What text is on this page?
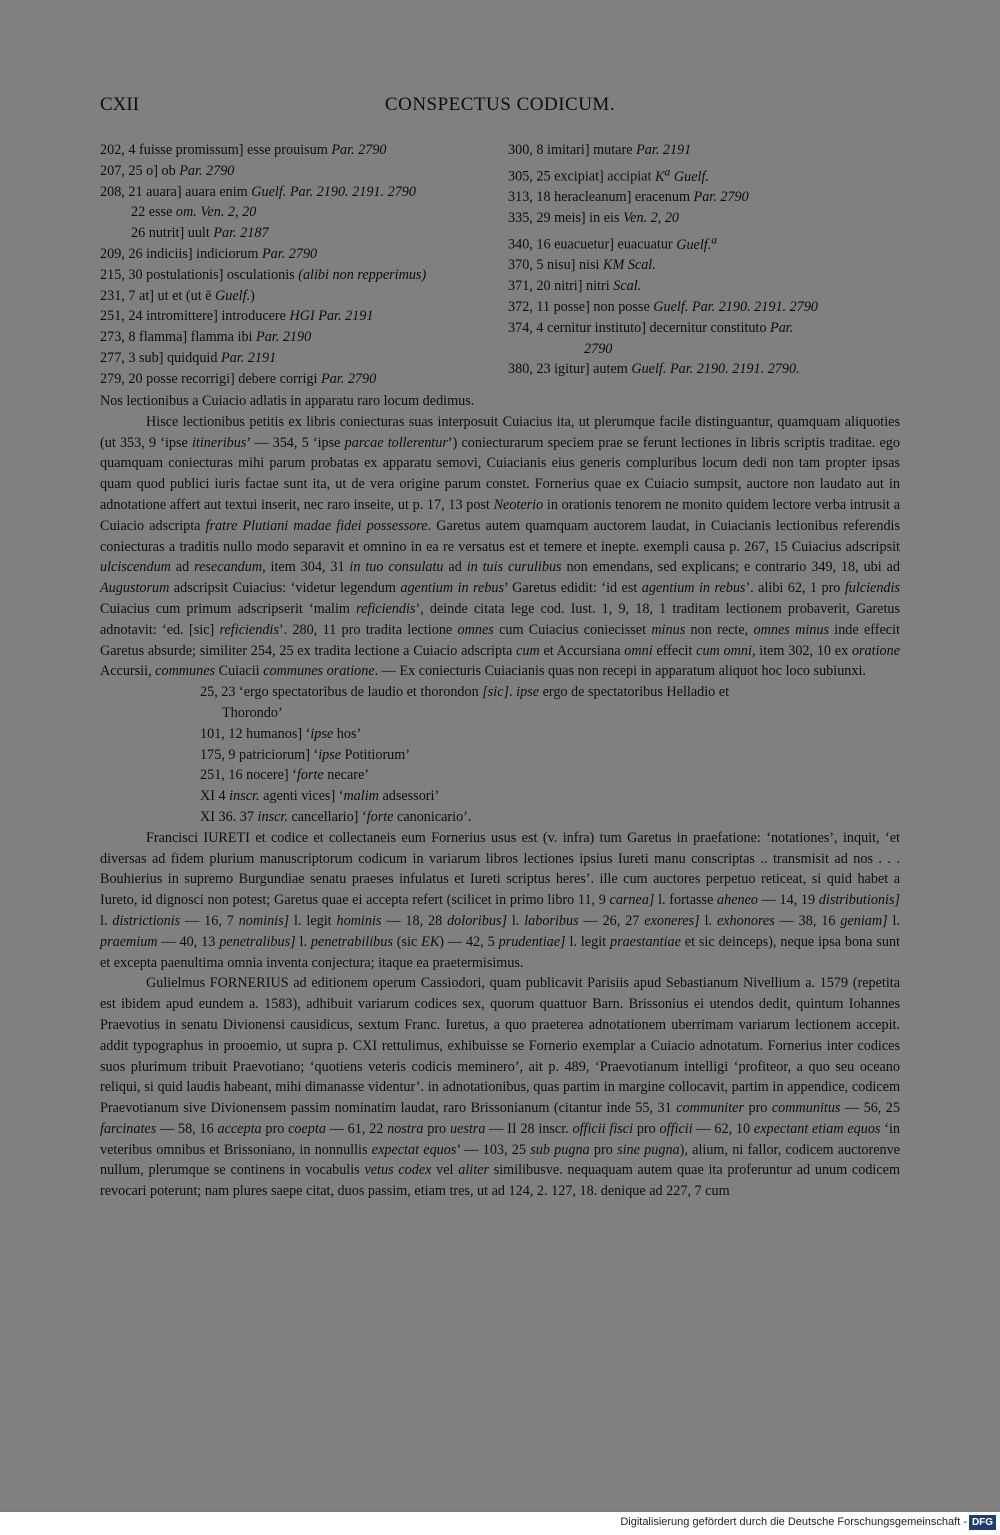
CXII	CONSPECTUS CODICUM.
202, 4 fuisse promissum] esse prouisum Par. 2790
207, 25 o] ob Par. 2790
208, 21 auara] auara enim Guelf. Par. 2190. 2191. 2790
22 esse om. Ven. 2, 20
26 nutrit] uult Par. 2187
209, 26 indiciis] indiciorum Par. 2790
215, 30 postulationis] osculationis (alibi non repperimus)
231, 7 at] ut et (ut ē Guelf.)
251, 24 intromittere] introducere HGI Par. 2191
273, 8 flamma] flamma ibi Par. 2190
277, 3 sub] quidquid Par. 2191
279, 20 posse recorrigi] debere corrigi Par. 2790
300, 8 imitari] mutare Par. 2191
305, 25 excipiat] accipiat $K^a$ Guelf.
313, 18 heracleanum] eracenum Par. 2790
335, 29 meis] in eis Ven. 2, 20
340, 16 euacuetur] euacuatur Guelf.$^a$
370, 5 nisu] nisi KM Scal.
371, 20 nitri] nitri Scal.
372, 11 posse] non posse Guelf. Par. 2190. 2191. 2790
374, 4 cernitur instituto] decernitur constituto Par.
2790
380, 23 igitur] autem Guelf. Par. 2190. 2191. 2790.

Nos lectionibus a Cuiacio adlatis in apparatu raro locum dedimus.

Hisce lectionibus petitis ex libris coniecturas suas interposuit Cuiacius ita, ut plerumque facile distinguantur, quamquam aliquoties (ut 353, 9 ‘ipse itineribus’ — 354, 5 ‘ipse parcae tollerentur’) coniecturarum speciem prae se ferunt lectiones in libris scriptis traditae. ego quamquam coniecturas mihi parum probatas ex apparatu semovi, Cuiacianis eius generis compluribus locum dedi non tam propter ipsas quam quod publici iuris factae sunt ita, ut de vera origine parum constet. Fornerius quae ex Cuiacio sumpsit, auctore non laudato aut in adnotatione affert aut textui inserit, nec raro inseite, ut p. 17, 13 post Neoterio in orationis tenorem ne monito quidem lectore verba intrusit a Cuiacio adscripta fratre Plutiani madae fidei possessore. Garetus autem quamquam auctorem laudat, in Cuiacianis lectionibus referendis coniecturas a traditis nullo modo separavit et omnino in ea re versatus est et temere et inepte. exempli causa p. 267, 15 Cuiacius adscripsit ulciscendum ad resecandum, item 304, 31 in tuo consulatu ad in tuis curulibus non emendans, sed explicans; e contrario 349, 18, ubi ad Augustorum adscripsit Cuiacius: ‘videtur legendum agentium in rebus’ Garetus edidit: ‘id est agentium in rebus’. alibi 62, 1 pro fulciendis Cuiacius cum primum adscripserit ‘malim reficiendis’, deinde citata lege cod. Iust. 1, 9, 18, 1 traditam lectionem probaverit, Garetus adnotavit: ‘ed. [sic] reficiendis’. 280, 11 pro tradita lectione omnes cum Cuiacius coniecisset minus non recte, omnes minus inde effecit Garetus absurde; similiter 254, 25 ex tradita lectione a Cuiacio adscripta cum et Accursiana omni effecit cum omni, item 302, 10 ex oratione Accursii, communes Cuiacii communes oratione. — Ex coniecturis Cuiacianis quas non recepi in apparatum aliquot hoc loco subiunxi.

25, 23 ‘ergo spectatoribus de laudio et thorondon [sic]. ipse ergo de spectatoribus Helladio et
Thorondo’
101, 12 humanos] ‘ipse hos’
175, 9 patriciorum] ‘ipse Potitiorum’
251, 16 nocere] ‘forte necare’
XI 4 inscr. agenti vices] ‘malim adsessori’
XI 36. 37 inscr. cancellario] ‘forte canonicario’.

Francisci IURETI et codice et collectaneis eum Fornerius usus est (v. infra) tum Garetus in praefatione: ‘notationes’, inquit, ‘et diversas ad fidem plurium manuscriptorum codicum in variarum libros lectiones ipsius Iureti manu conscriptas .. transmisit ad nos . . . Bouhierius in supremo Burgundiae senatu praeses infulatus et Iureti scriptus heres’. ille cum auctores perpetuo reticeat, si quid habet a Iureto, id dignosci non potest; Garetus quae ei accepta refert (scilicet in primo libro 11, 9 carnea] l. fortasse aheneo — 14, 19 distributionis] l. districtionis — 16, 7 nominis] l. legit hominis — 18, 28 doloribus] l. laboribus — 26, 27 exoneres] l. exhonores — 38, 16 geniam] l. praemium — 40, 13 penetralibus] l. penetrabilibus (sic EK) — 42, 5 prudentiae] l. legit praestantiae et sic deinceps), neque ipsa bona sunt et excepta paenultima omnia inventa conjectura; itaque ea praetermisimus.

Gulielmus FORNERIUS ad editionem operum Cassiodori, quam publicavit Parisiis apud Sebastianum Nivellium a. 1579 (repetita est ibidem apud eundem a. 1583), adhibuit variarum codices sex, quorum quattuor Barn. Brissonius ei utendos dedit, quintum Iohannes Praevotius in senatu Divionensi causidicus, sextum Franc. Iuretus, a quo praeterea adnotationem uberrimam variarum lectionem accepit. addit typographus in prooemio, ut supra p. CXI rettulimus, exhibuisse se Fornerio exemplar a Cuiacio adnotatum. Fornerius inter codices suos plurimum tribuit Praevotiano; ‘quotiens veteris codicis meminero’, ait p. 489, ‘Praevotianum intelligi ‘profiteor, a quo seu oceano reliqui, si quid laudis habeant, mihi dimanasse videntur’. in adnotationibus, quas partim in margine collocavit, partim in appendice, codicem Praevotianum sive Divionensem passim nominatim laudat, raro Brissonianum (citantur inde 55, 31 communiter pro communitus — 56, 25 farcinates — 58, 16 accepta pro coepta — 61, 22 nostra pro uestra — II 28 inscr. officii fisci pro officii — 62, 10 expectant etiam equos ‘in veteribus omnibus et Brissoniano, in nonnullis expectat equos’ — 103, 25 sub pugna pro sine pugna), alium, ni fallor, codicem auctorenve nullum, plerumque se continens in vocabulis vetus codex vel aliter similibusve. nequaquam autem quae ita proferuntur ad unum codicem revocari poterunt; nam plures saepe citat, duos passim, etiam tres, ut ad 124, 2. 127, 18. denique ad 227, 7 cum

Digitalisierung gefördert durch die Deutsche Forschungsgemeinschaft - DFG
